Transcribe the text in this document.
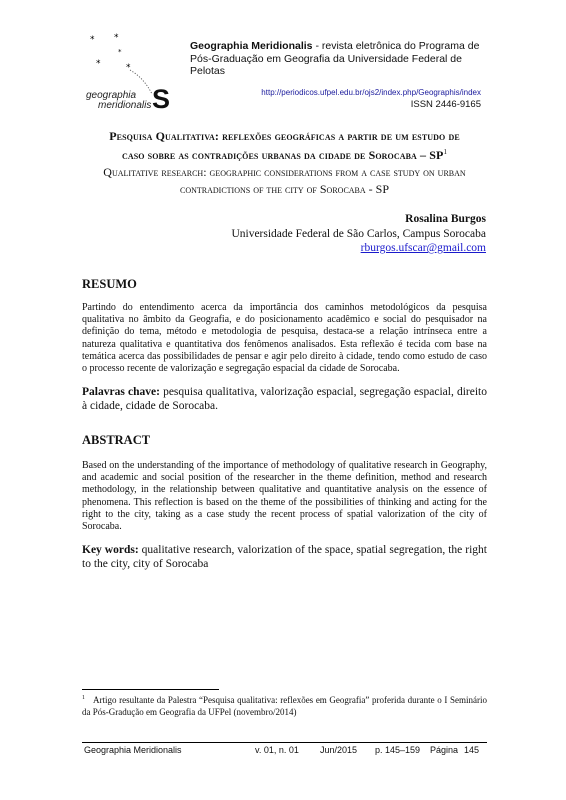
* *
*
*	*
geographia
meridionalis S
Geographia Meridionalis - revista eletrônica do Programa de Pós-Graduação em Geografia da Universidade Federal de Pelotas
http://periodicos.ufpel.edu.br/ojs2/index.php/Geographis/index
ISSN 2446-9165
Pesquisa Qualitativa: reflexões geográficas a partir de um estudo de
caso sobre as contradições urbanas da cidade de Sorocaba – $SP^1$
Qualitative research: geographic considerations from a case study on urban
contradictions of the city of Sorocaba - SP
Rosalina Burgos
Universidade Federal de São Carlos, Campus Sorocaba
rburgos.ufscar@gmail.com
RESUMO
Partindo do entendimento acerca da importância dos caminhos metodológicos da pesquisa qualitativa no âmbito da Geografia, e do posicionamento acadêmico e social do pesquisador na definição do tema, método e metodologia de pesquisa, destaca-se a relação intrínseca entre a natureza qualitativa e quantitativa dos fenômenos analisados. Esta reflexão é tecida com base na temática acerca das possibilidades de pensar e agir pelo direito à cidade, tendo como estudo de caso o processo recente de valorização e segregação espacial da cidade de Sorocaba.
Palavras chave: pesquisa qualitativa, valorização espacial, segregação espacial, direito à cidade, cidade de Sorocaba.
ABSTRACT
Based on the understanding of the importance of methodology of qualitative research in Geography, and academic and social position of the researcher in the theme definition, method and research methodology, in the relationship between qualitative and quantitative analysis on the essence of phenomena. This reflection is based on the theme of the possibilities of thinking and acting for the right to the city, taking as a case study the recent process of spatial valorization of the city of Sorocaba.
Key words: qualitative research, valorization of the space, spatial segregation, the right to the city, city of Sorocaba
$^1$ Artigo resultante da Palestra “Pesquisa qualitativa: reflexões em Geografia” proferida durante o I Seminário da Pós-Gradução em Geografia da UFPel (novembro/2014)
Geographia Meridionalis	v. 01, n. 01 Jun/2015 p. 145–159 Página 145
